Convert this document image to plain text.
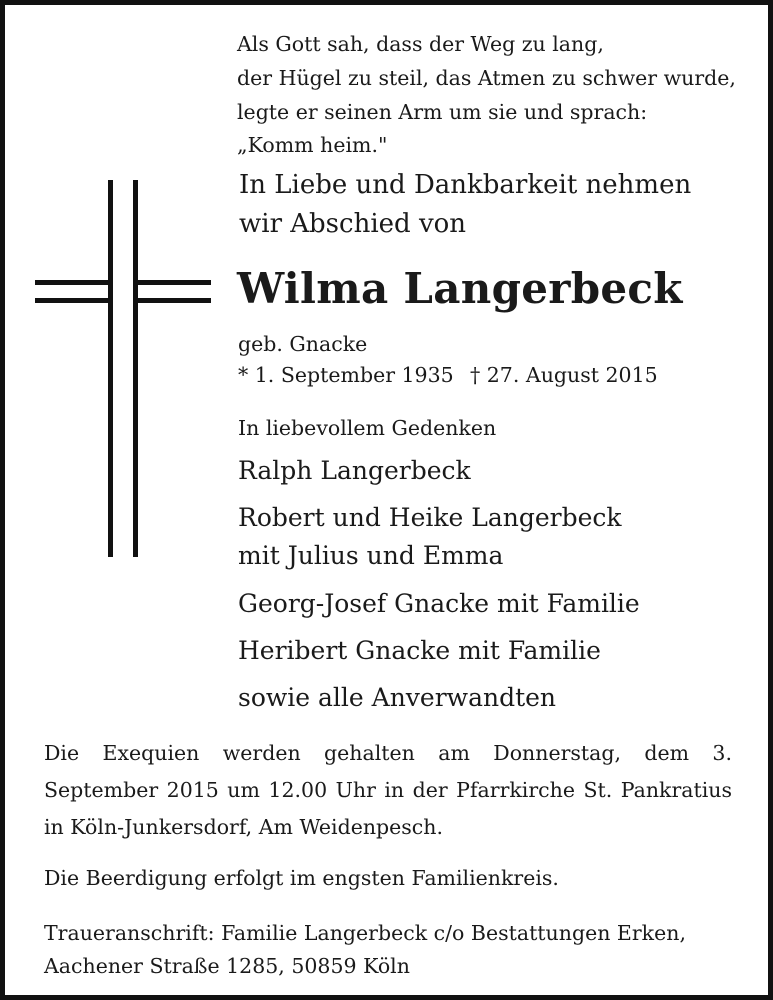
Als Gott sah, dass der Weg zu lang,
der Hügel zu steil, das Atmen zu schwer wurde,
legte er seinen Arm um sie und sprach:
„Komm heim."
In Liebe und Dankbarkeit nehmen
wir Abschied von
Wilma Langerbeck
geb. Gnacke
* 1. September 1935 † 27. August 2015
In liebevollem Gedenken
Ralph Langerbeck
Robert und Heike Langerbeck
mit Julius und Emma
Georg-Josef Gnacke mit Familie
Heribert Gnacke mit Familie
sowie alle Anverwandten
Die Exequien werden gehalten am Donnerstag, dem 3. September 2015 um 12.00 Uhr in der Pfarrkirche St. Pankratius in Köln-Junkersdorf, Am Weidenpesch.
Die Beerdigung erfolgt im engsten Familienkreis.
Traueranschrift: Familie Langerbeck c/o Bestattungen Erken,
Aachener Straße 1285, 50859 Köln
